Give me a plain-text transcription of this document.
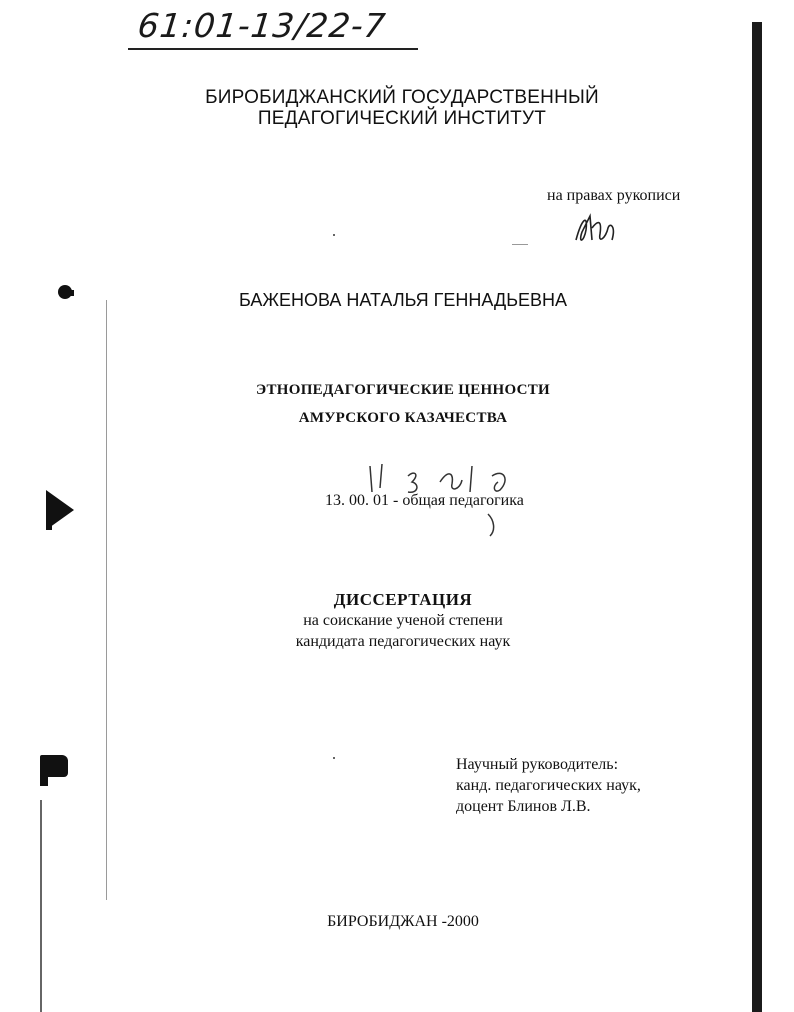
61:01-13/22-7
БИРОБИДЖАНСКИЙ ГОСУДАРСТВЕННЫЙ
ПЕДАГОГИЧЕСКИЙ ИНСТИТУТ
на правах рукописи
БАЖЕНОВА НАТАЛЬЯ ГЕННАДЬЕВНА
ЭТНОПЕДАГОГИЧЕСКИЕ ЦЕННОСТИ
АМУРСКОГО КАЗАЧЕСТВА
13. 00. 01 - общая педагогика
ДИССЕРТАЦИЯ
на соискание ученой степени
кандидата педагогических наук
Научный руководитель:
канд. педагогических наук,
доцент Блинов Л.В.
БИРОБИДЖАН -2000
